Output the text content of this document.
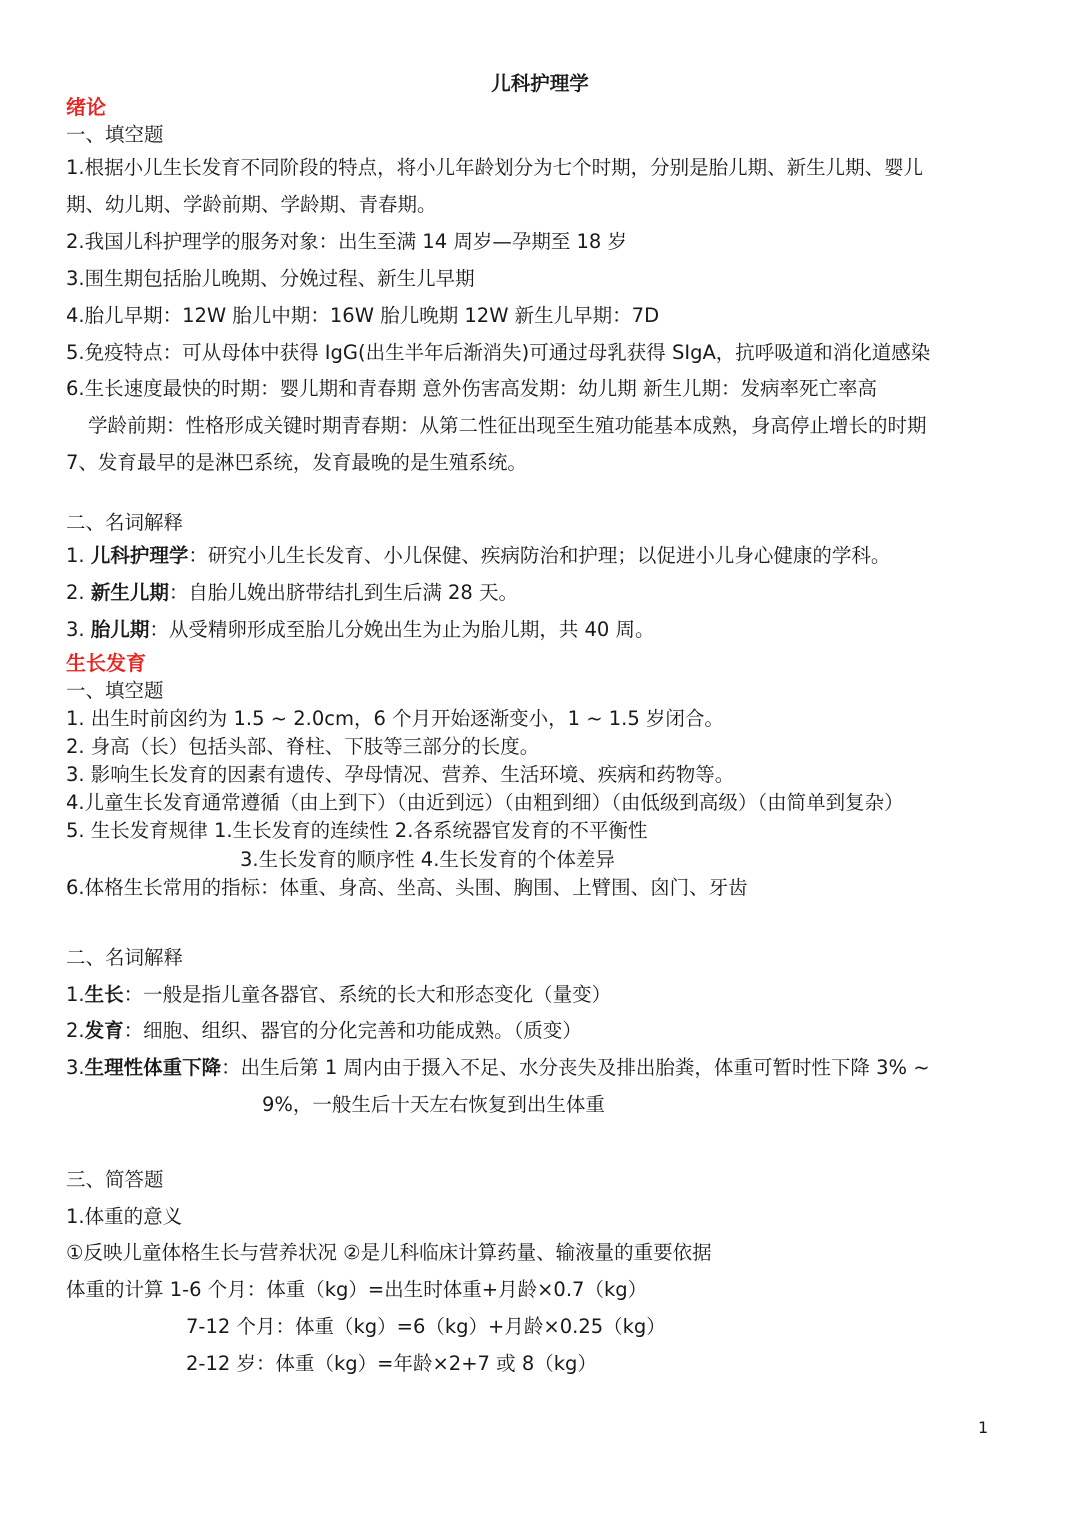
儿科护理学
绪论
一、填空题
1.根据小儿生长发育不同阶段的特点，将小儿年龄划分为七个时期，分别是胎儿期、新生儿期、婴儿
期、幼儿期、学龄前期、学龄期、青春期。
2.我国儿科护理学的服务对象：出生至满 14 周岁—孕期至 18 岁
3.围生期包括胎儿晚期、分娩过程、新生儿早期
4.胎儿早期：12W 胎儿中期：16W 胎儿晚期 12W 新生儿早期：7D
5.免疫特点：可从母体中获得 IgG(出生半年后渐消失)可通过母乳获得 SIgA，抗呼吸道和消化道感染
6.生长速度最快的时期：婴儿期和青春期 意外伤害高发期：幼儿期 新生儿期：发病率死亡率高
学龄前期：性格形成关键时期青春期：从第二性征出现至生殖功能基本成熟，身高停止增长的时期
7、发育最早的是淋巴系统，发育最晚的是生殖系统。
二、名词解释
1. 儿科护理学：研究小儿生长发育、小儿保健、疾病防治和护理；以促进小儿身心健康的学科。
2. 新生儿期：自胎儿娩出脐带结扎到生后满 28 天。
3. 胎儿期：从受精卵形成至胎儿分娩出生为止为胎儿期，共 40 周。
生长发育
一、填空题
1. 出生时前囟约为 1.5 ~ 2.0cm，6 个月开始逐渐变小，1 ~ 1.5 岁闭合。
2. 身高（长）包括头部、脊柱、下肢等三部分的长度。
3. 影响生长发育的因素有遗传、孕母情况、营养、生活环境、疾病和药物等。
4.儿童生长发育通常遵循（由上到下）（由近到远）（由粗到细）（由低级到高级）（由简单到复杂）
5. 生长发育规律 1.生长发育的连续性 2.各系统器官发育的不平衡性
3.生长发育的顺序性 4.生长发育的个体差异
6.体格生长常用的指标：体重、身高、坐高、头围、胸围、上臂围、囟门、牙齿
二、名词解释
1.生长：一般是指儿童各器官、系统的长大和形态变化（量变）
2.发育：细胞、组织、器官的分化完善和功能成熟。（质变）
3.生理性体重下降：出生后第 1 周内由于摄入不足、水分丧失及排出胎粪，体重可暂时性下降 3% ~
9%，一般生后十天左右恢复到出生体重
三、简答题
1.体重的意义
①反映儿童体格生长与营养状况 ②是儿科临床计算药量、输液量的重要依据
体重的计算 1-6 个月：体重（kg）=出生时体重+月龄×0.7（kg）
7-12 个月：体重（kg）=6（kg）+月龄×0.25（kg）
2-12 岁：体重（kg）=年龄×2+7 或 8（kg）
1
